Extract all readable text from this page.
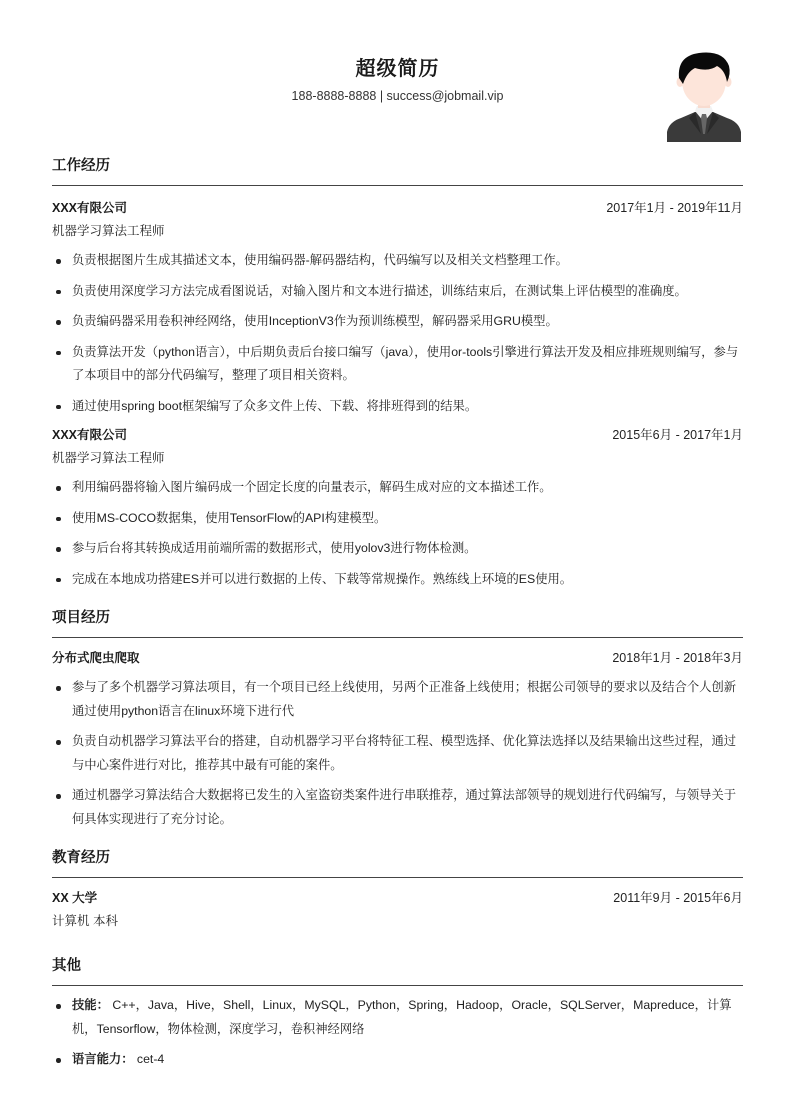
超级简历
188-8888-8888 | success@jobmail.vip
工作经历
XXX有限公司	2017年1月 - 2019年11月
机器学习算法工程师
负责根据图片生成其描述文本，使用编码器-解码器结构，代码编写以及相关文档整理工作。
负责使用深度学习方法完成看图说话，对输入图片和文本进行描述，训练结束后，在测试集上评估模型的准确度。
负责编码器采用卷积神经网络，使用InceptionV3作为预训练模型，解码器采用GRU模型。
负责算法开发（python语言），中后期负责后台接口编写（java），使用or-tools引擎进行算法开发及相应排班规则编写，参与了本项目中的部分代码编写，整理了项目相关资料。
通过使用spring boot框架编写了众多文件上传、下载、将排班得到的结果。
XXX有限公司	2015年6月 - 2017年1月
机器学习算法工程师
利用编码器将输入图片编码成一个固定长度的向量表示，解码生成对应的文本描述工作。
使用MS-COCO数据集，使用TensorFlow的API构建模型。
参与后台将其转换成适用前端所需的数据形式，使用yolov3进行物体检测。
完成在本地成功搭建ES并可以进行数据的上传、下载等常规操作。熟练线上环境的ES使用。
项目经历
分布式爬虫爬取	2018年1月 - 2018年3月
参与了多个机器学习算法项目，有一个项目已经上线使用，另两个正准备上线使用；根据公司领导的要求以及结合个人创新通过使用python语言在linux环境下进行代
负责自动机器学习算法平台的搭建，自动机器学习平台将特征工程、模型选择、优化算法选择以及结果输出这些过程，通过与中心案件进行对比，推荐其中最有可能的案件。
通过机器学习算法结合大数据将已发生的入室盗窃类案件进行串联推荐，通过算法部领导的规划进行代码编写，与领导关于何具体实现进行了充分讨论。
教育经历
XX 大学	2011年9月 - 2015年6月
计算机 本科
其他
技能： C++，Java，Hive，Shell，Linux，MySQL，Python，Spring，Hadoop，Oracle，SQLServer，Mapreduce，计算机，Tensorflow，物体检测，深度学习，卷积神经网络
语言能力： cet-4
